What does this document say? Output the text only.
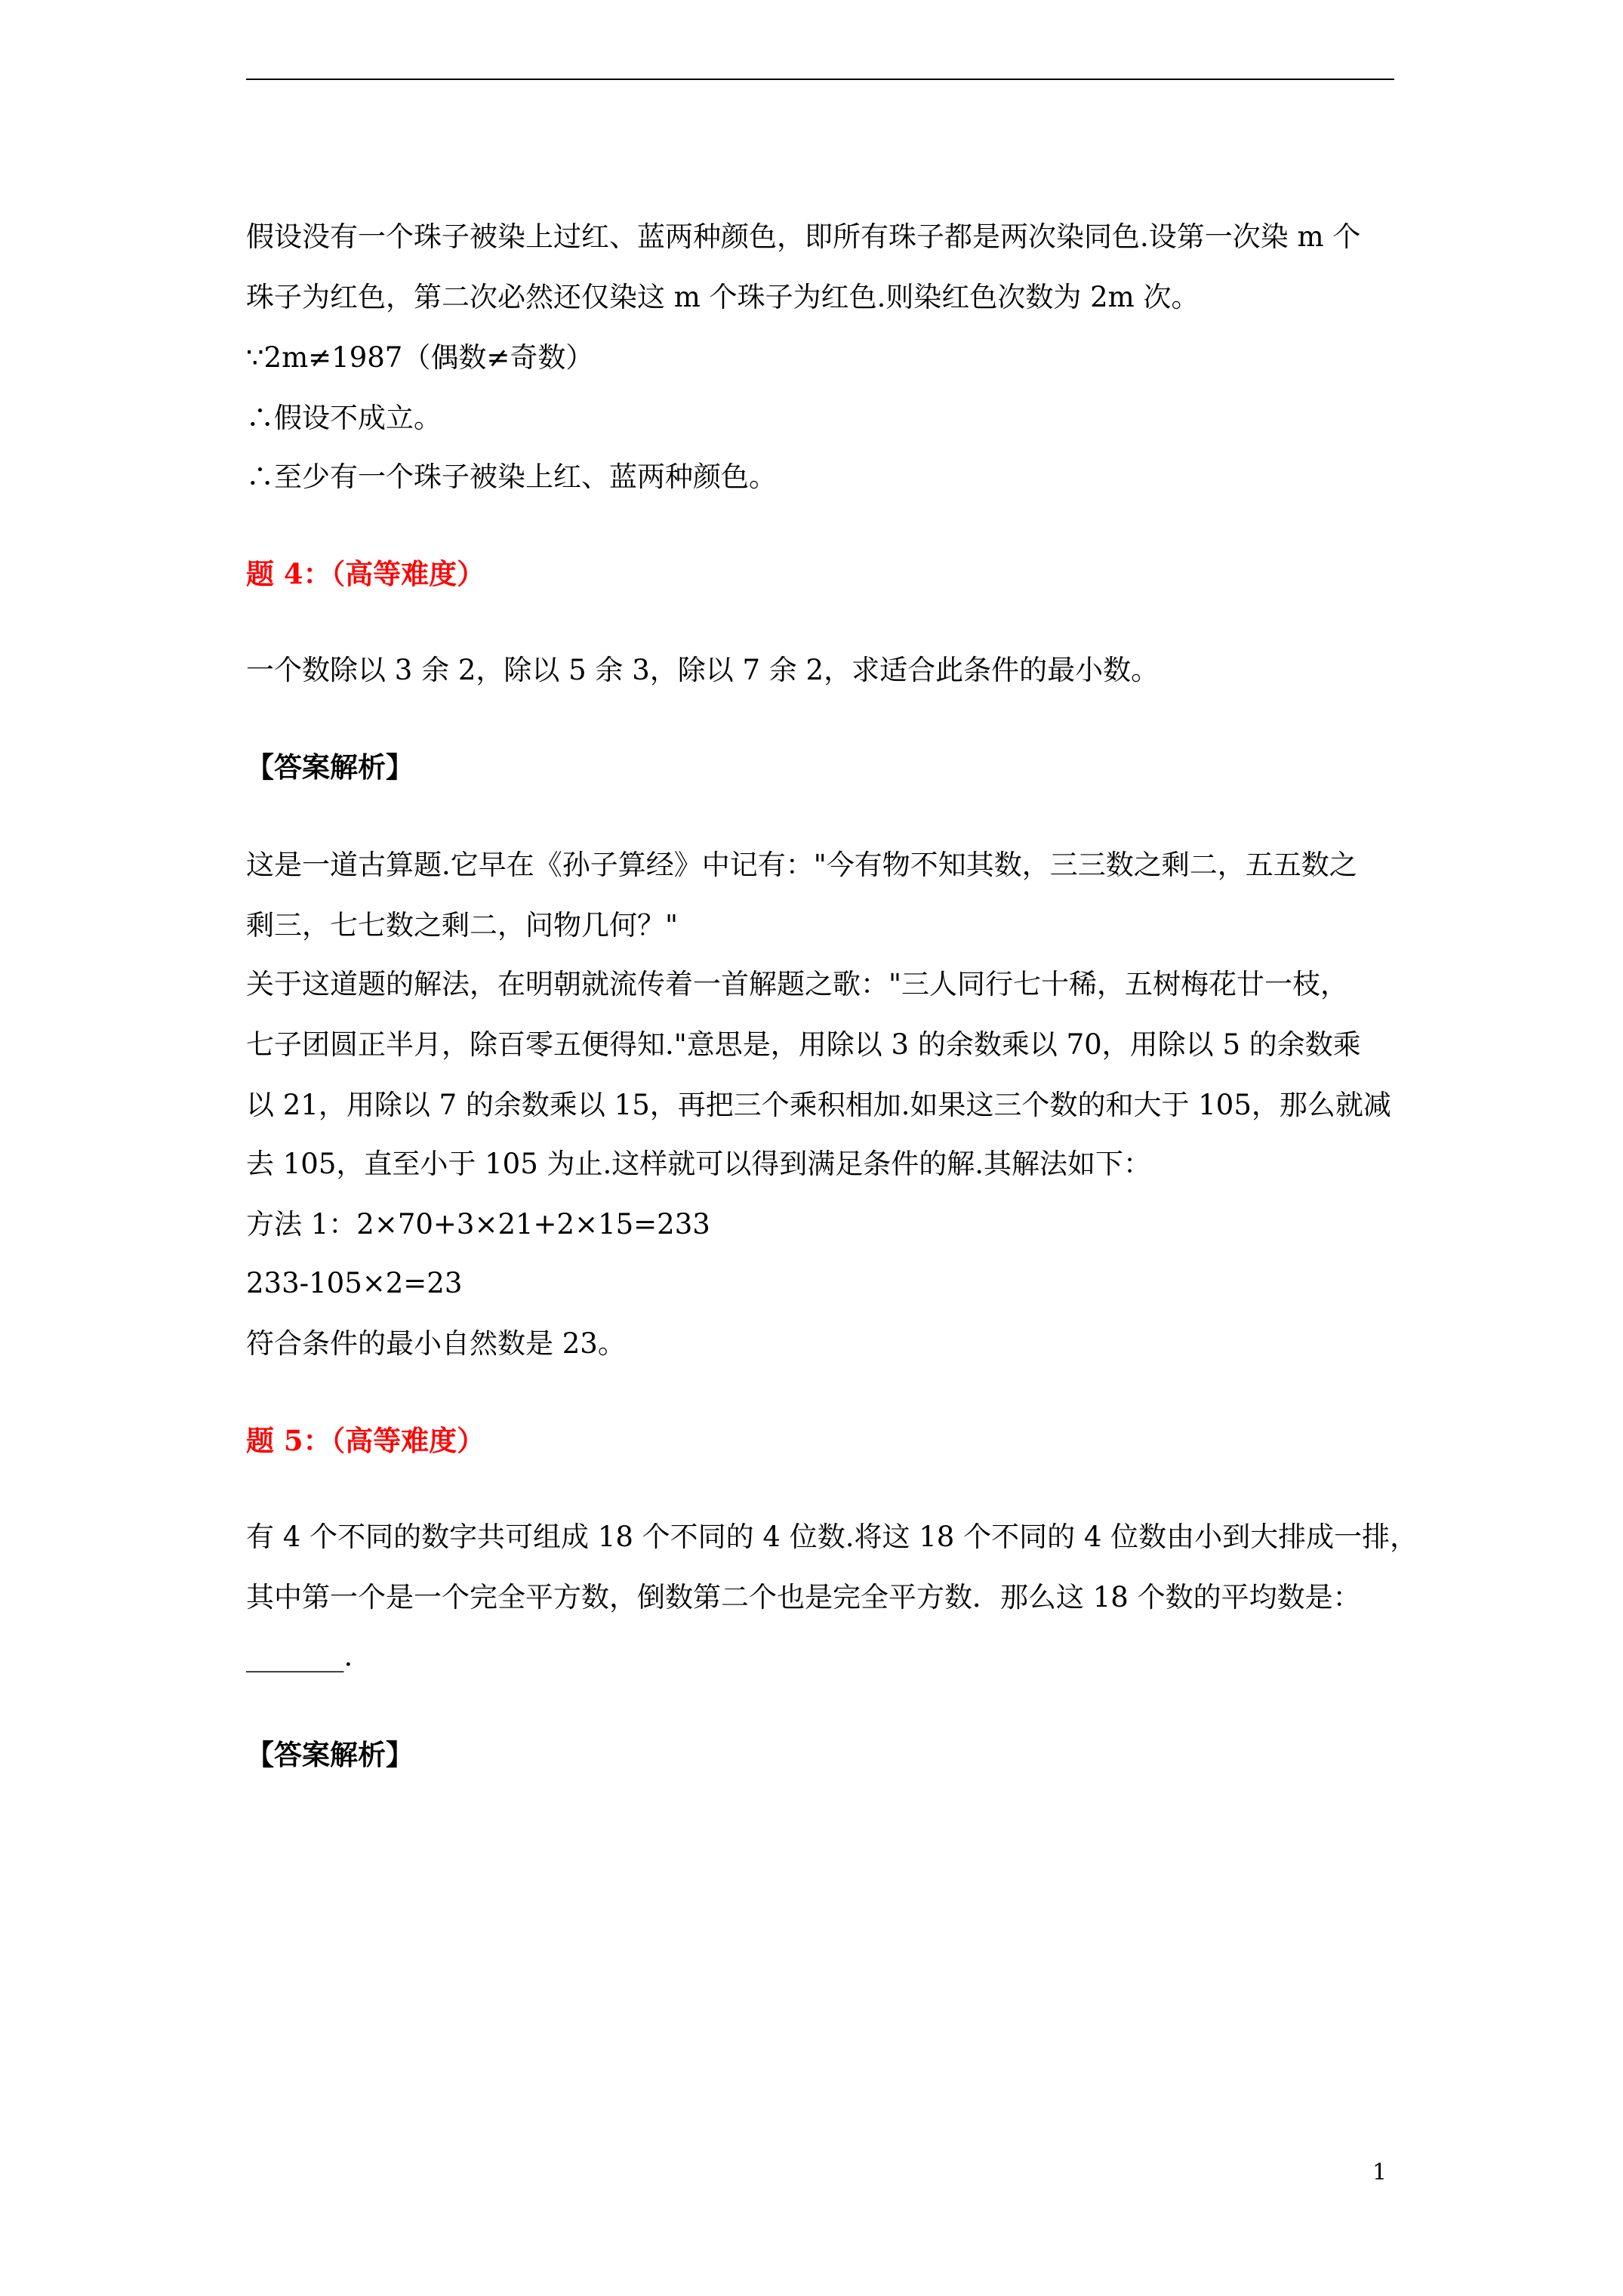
假设没有一个珠子被染上过红、蓝两种颜色，即所有珠子都是两次染同色.设第一次染 m 个
珠子为红色，第二次必然还仅染这 m 个珠子为红色.则染红色次数为 2m 次。
∵2m≠1987（偶数≠奇数）
∴假设不成立。
∴至少有一个珠子被染上红、蓝两种颜色。
题 4：（高等难度）
一个数除以 3 余 2，除以 5 余 3，除以 7 余 2，求适合此条件的最小数。
【答案解析】
这是一道古算题.它早在《孙子算经》中记有："今有物不知其数，三三数之剩二，五五数之
剩三，七七数之剩二，问物几何？"
关于这道题的解法，在明朝就流传着一首解题之歌："三人同行七十稀，五树梅花廿一枝，
七子团圆正半月，除百零五便得知."意思是，用除以 3 的余数乘以 70，用除以 5 的余数乘
以 21，用除以 7 的余数乘以 15，再把三个乘积相加.如果这三个数的和大于 105，那么就减
去 105，直至小于 105 为止.这样就可以得到满足条件的解.其解法如下：
方法 1：2×70+3×21+2×15=233
233-105×2=23
符合条件的最小自然数是 23。
题 5：（高等难度）
有 4 个不同的数字共可组成 18 个不同的 4 位数.将这 18 个不同的 4 位数由小到大排成一排，
其中第一个是一个完全平方数，倒数第二个也是完全平方数．那么这 18 个数的平均数是：
_______.
【答案解析】
1
